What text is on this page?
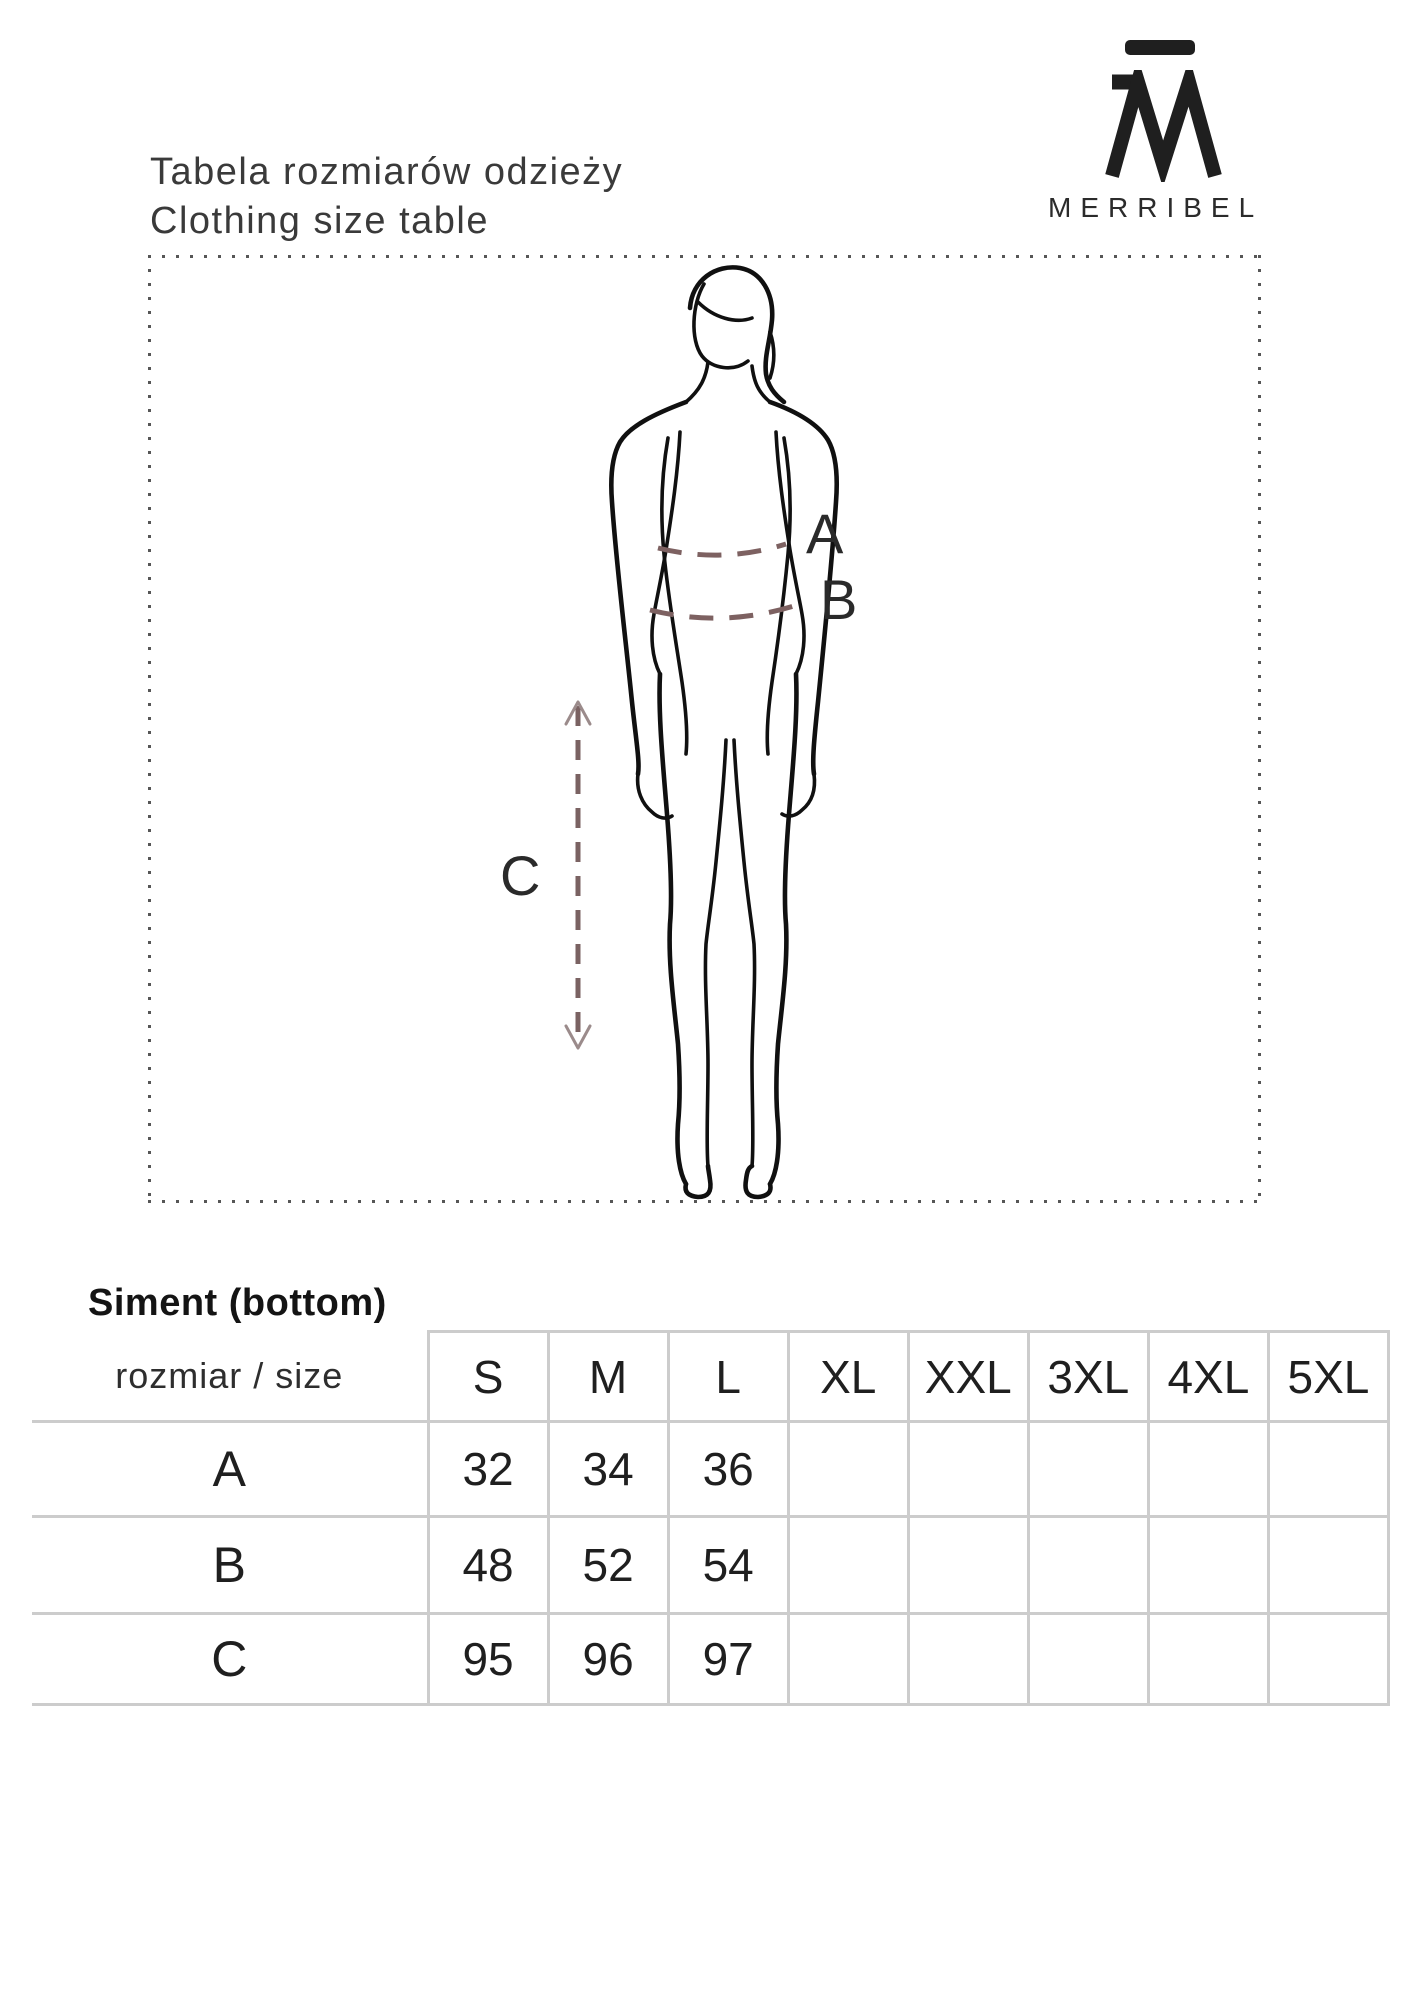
Tabela rozmiarów odzieży
Clothing size table	MERRIBEL
A
B
C
Siment (bottom)
rozmiar / size	S	M	L	XL	XXL	3XL	4XL	5XL
A	32	34	36					
B	48	52	54					
C	95	96	97					
